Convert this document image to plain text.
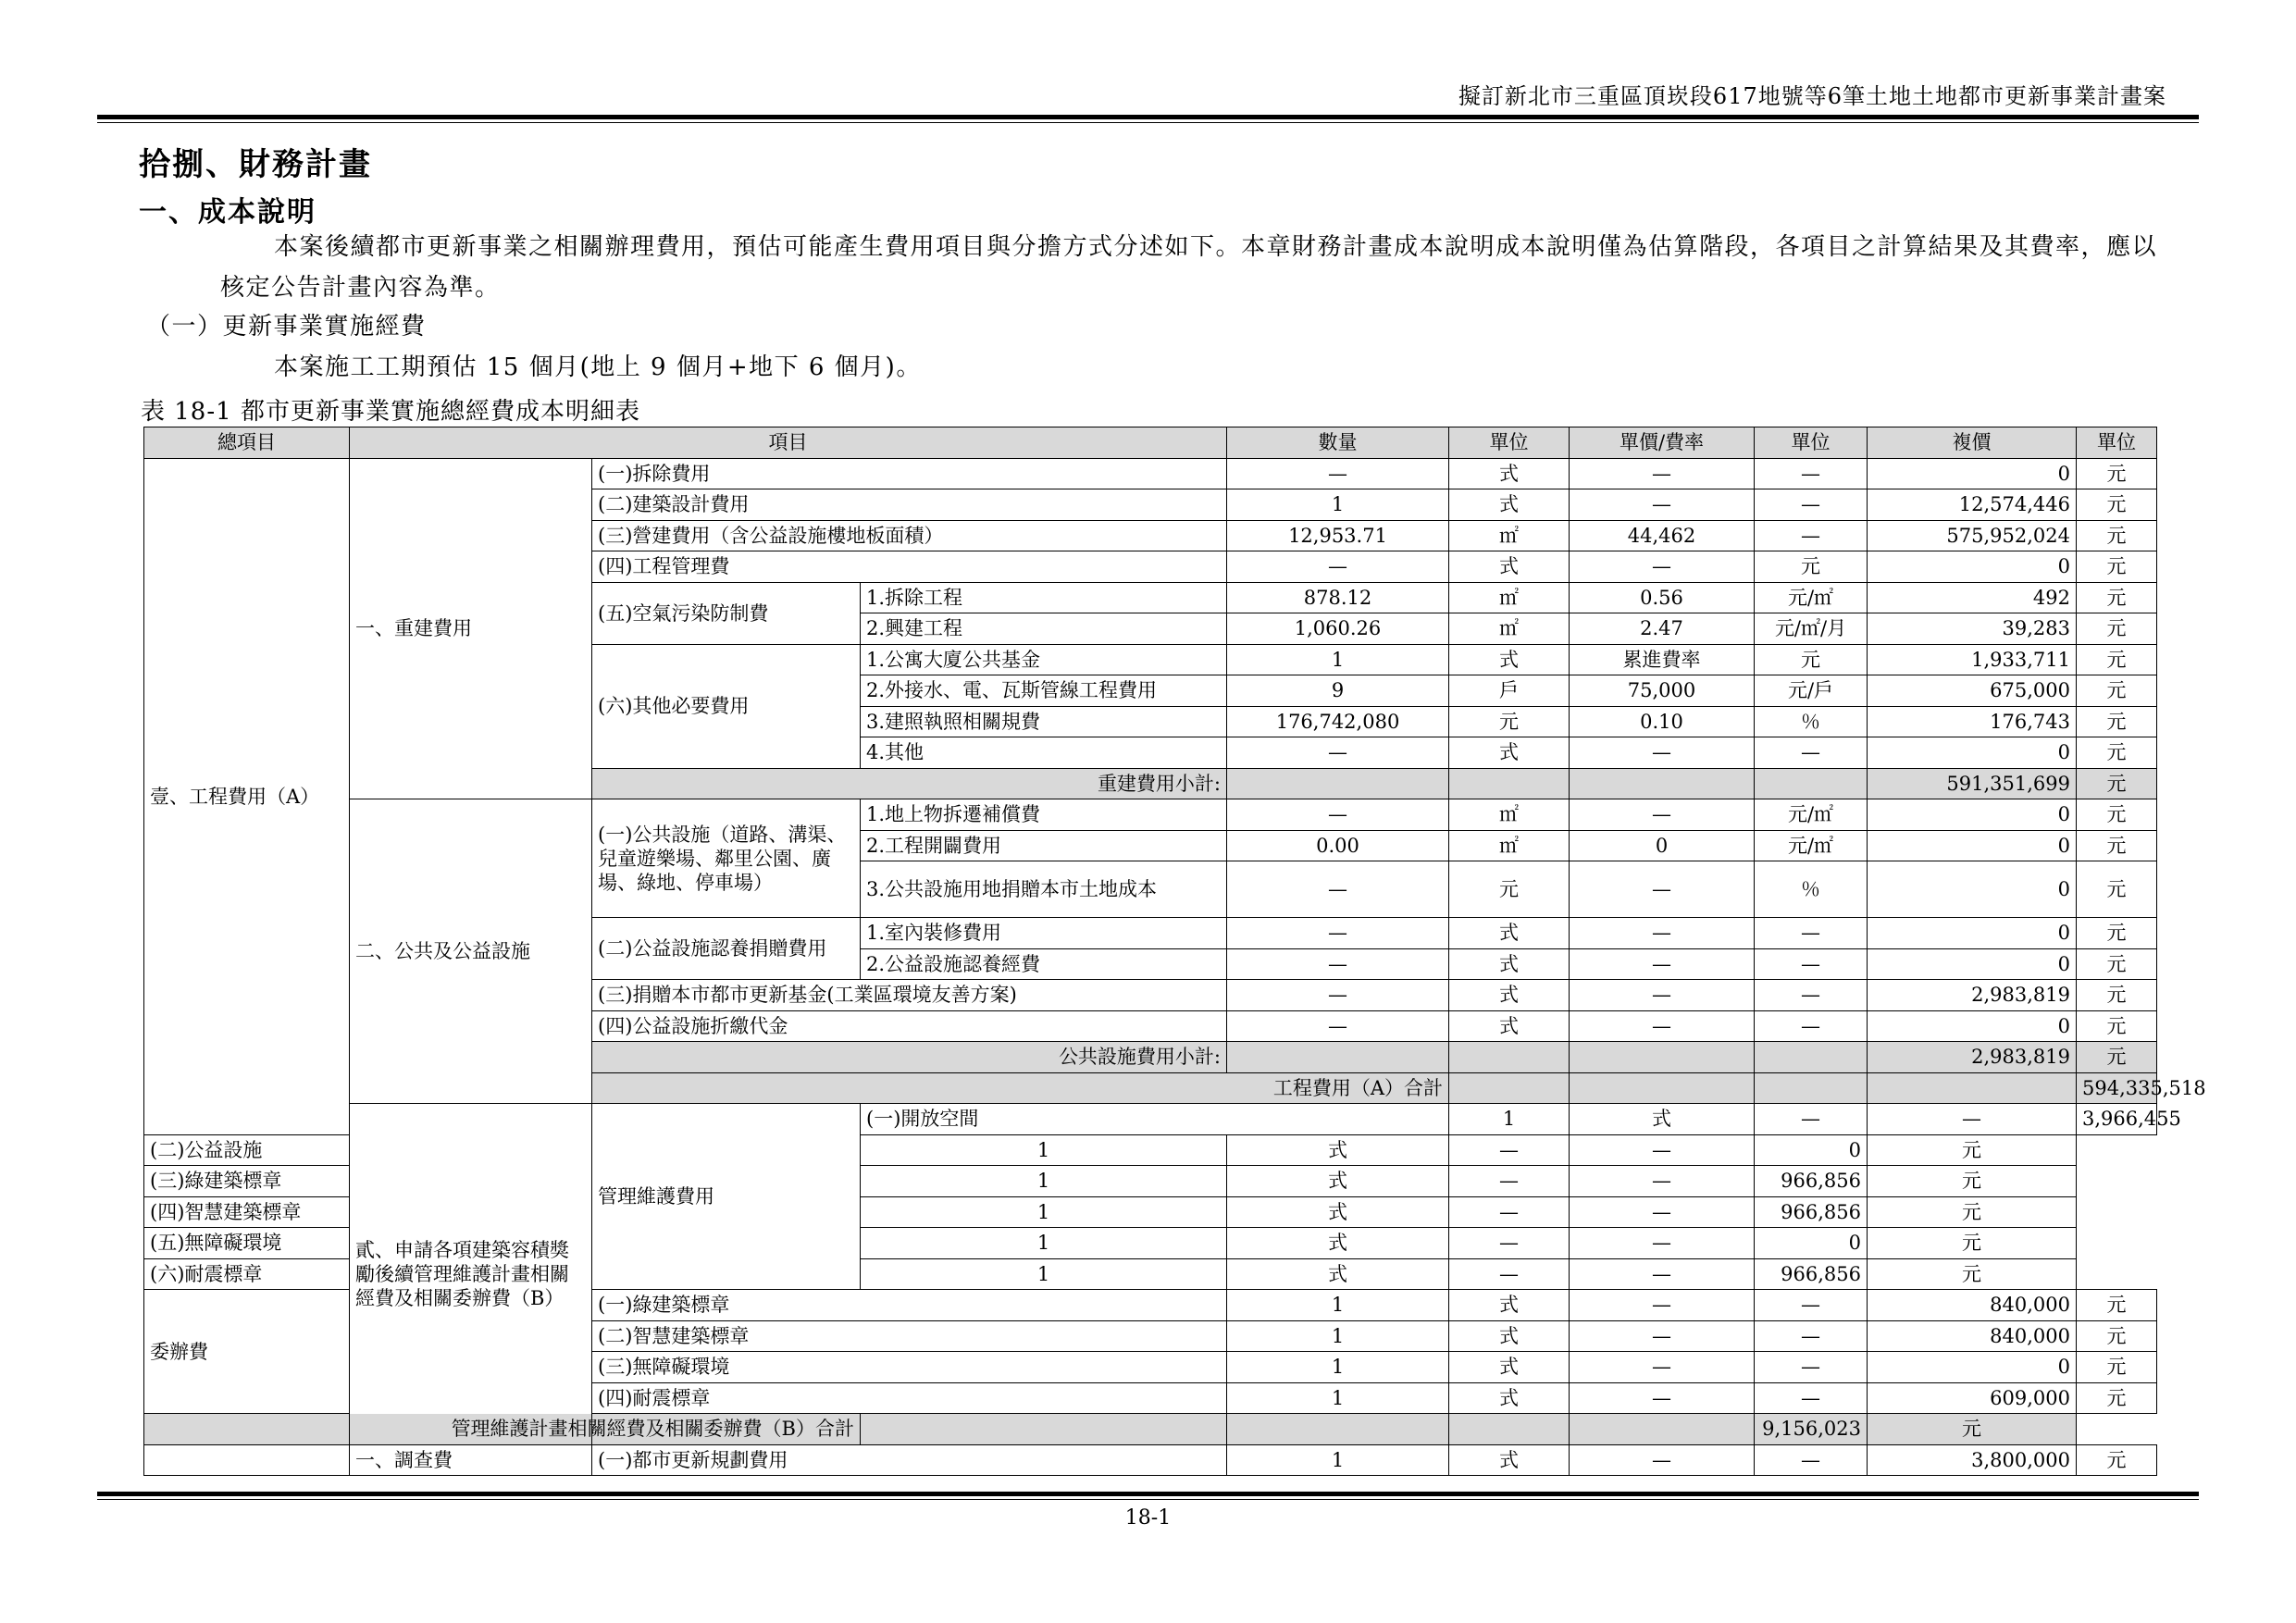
擬訂新北市三重區頂崁段617地號等6筆土地土地都市更新事業計畫案
拾捌、財務計畫
一、成本說明
本案後續都市更新事業之相關辦理費用，預估可能產生費用項目與分擔方式分述如下。本章財務計畫成本說明成本說明僅為估算階段，各項目之計算結果及其費率，應以核定公告計畫內容為準。
（一）更新事業實施經費
本案施工工期預估 15 個月(地上 9 個月+地下 6 個月)。
表 18-1 都市更新事業實施總經費成本明細表
總項目	項目			數量	單位	單價/費率	單位	複價	單位	
壹、工程費用（A）	一、重建費用	(一)拆除費用		—	式	—	—	0	元	
		(二)建築設計費用		1	式	—	—	12,574,446	元	
		(三)營建費用（含公益設施樓地板面積）		12,953.71	㎡	44,462	—	575,952,024	元	
		(四)工程管理費		—	式	—	元	0	元	
		(五)空氣污染防制費	1.拆除工程	878.12	㎡	0.56	元/㎡	492	元	
			2.興建工程	1,060.26	㎡	2.47	元/㎡/月	39,283	元	
		(六)其他必要費用	1.公寓大廈公共基金	1	式	累進費率	元	1,933,711	元	
			2.外接水、電、瓦斯管線工程費用	9	戶	75,000	元/戶	675,000	元	
			3.建照執照相關規費	176,742,080	元	0.10	％	176,743	元	
			4.其他	—	式	—	—	0	元	
		重建費用小計:						591,351,699	元	
	二、公共及公益設施	(一)公共設施（道路、溝渠、兒童遊樂場、鄰里公園、廣場、綠地、停車場）	1.地上物拆遷補償費	—	㎡	—	元/㎡	0	元	
			2.工程開闢費用	0.00	㎡	0	元/㎡	0	元	
			3.公共設施用地捐贈本市土地成本	—	元	—	％	0	元	
		(二)公益設施認養捐贈費用	1.室內裝修費用	—	式	—	—	0	元	
			2.公益設施認養經費	—	式	—	—	0	元	
		(三)捐贈本市都市更新基金(工業區環境友善方案)		—	式	—	—	2,983,819	元	
		(四)公益設施折繳代金		—	式	—	—	0	元	
		公共設施費用小計:						2,983,819	元	
		工程費用（A）合計							594,335,518	
	貳、申請各項建築容積獎勵後續管理維護計畫相關經費及相關委辦費（B）	管理維護費用	(一)開放空間		1	式	—	—	3,966,455	
(二)公益設施			1	式	—	—	0	元		
(三)綠建築標章			1	式	—	—	966,856	元		
(四)智慧建築標章			1	式	—	—	966,856	元		
(五)無障礙環境			1	式	—	—	0	元		
(六)耐震標章			1	式	—	—	966,856	元		
委辦費		(一)綠建築標章		1	式	—	—	840,000	元	
		(二)智慧建築標章		1	式	—	—	840,000	元	
		(三)無障礙環境		1	式	—	—	0	元	
		(四)耐震標章		1	式	—	—	609,000	元	
管理維護計畫相關經費及相關委辦費（B）合計							9,156,023	元		
	一、調查費	(一)都市更新規劃費用		1	式	—	—	3,800,000	元	
18-1
